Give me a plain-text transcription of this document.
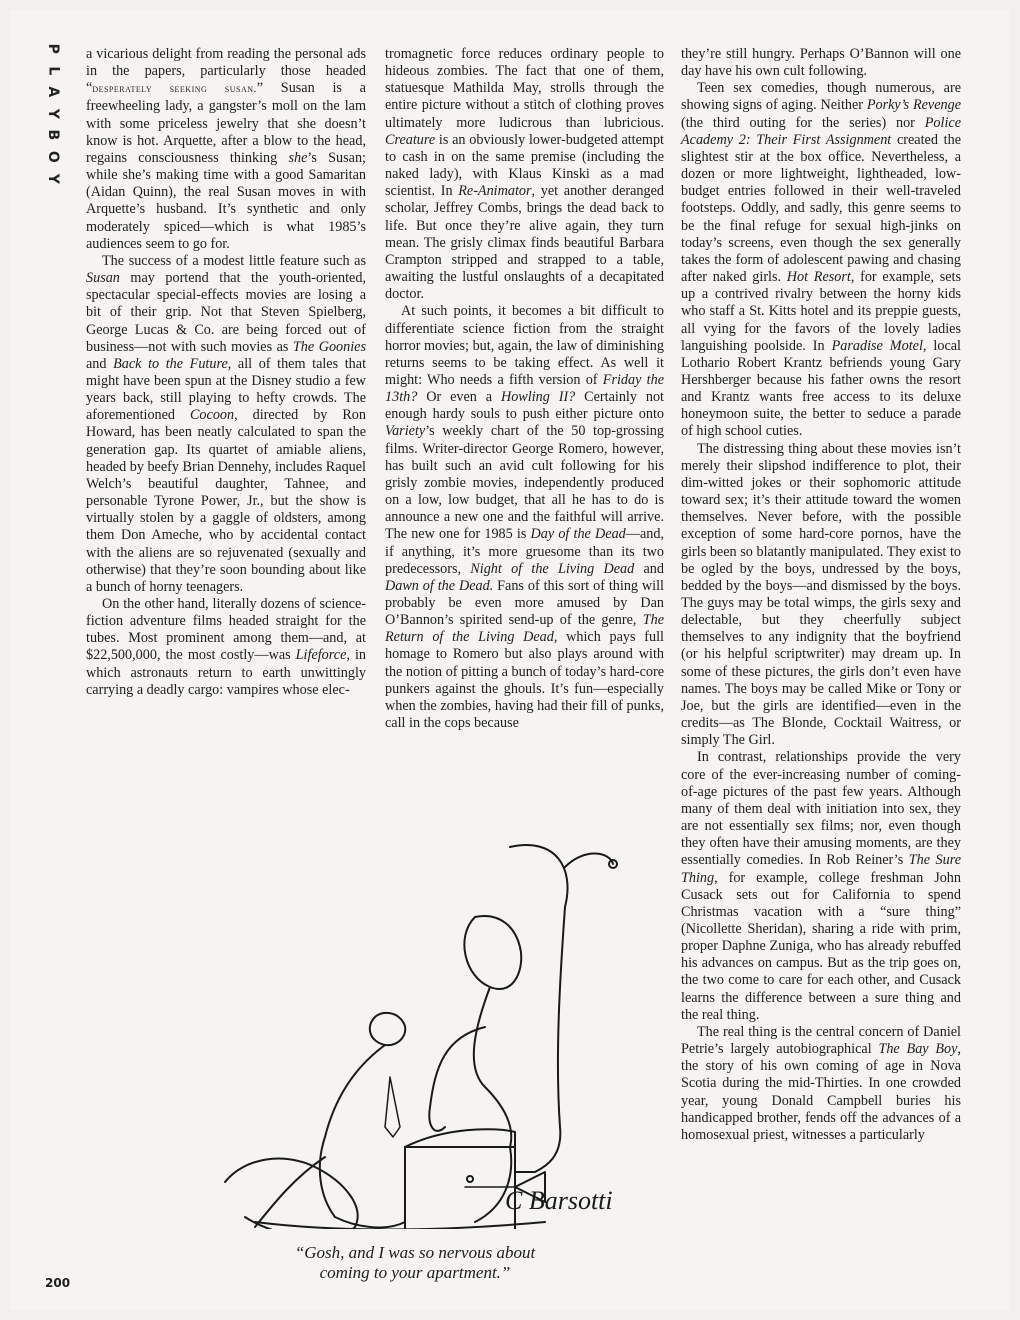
P
L
A
Y
B
O
Y

a vicarious delight from reading the personal ads in the papers, particularly those headed “desperately seeking susan.” Susan is a freewheeling lady, a gangster’s moll on the lam with some priceless jewelry that she doesn’t know is hot. Arquette, after a blow to the head, regains consciousness thinking she’s Susan; while she’s making time with a good Samaritan (Aidan Quinn), the real Susan moves in with Arquette’s husband. It’s synthetic and only moderately spiced—which is what 1985’s audiences seem to go for.

The success of a modest little feature such as Susan may portend that the youth-oriented, spectacular special-effects movies are losing a bit of their grip. Not that Steven Spielberg, George Lucas & Co. are being forced out of business—not with such movies as The Goonies and Back to the Future, all of them tales that might have been spun at the Disney studio a few years back, still playing to hefty crowds. The aforementioned Cocoon, directed by Ron Howard, has been neatly calculated to span the generation gap. Its quartet of amiable aliens, headed by beefy Brian Dennehy, includes Raquel Welch’s beautiful daughter, Tahnee, and personable Tyrone Power, Jr., but the show is virtually stolen by a gaggle of oldsters, among them Don Ameche, who by accidental contact with the aliens are so rejuvenated (sexually and otherwise) that they’re soon bounding about like a bunch of horny teenagers.

On the other hand, literally dozens of science-fiction adventure films headed straight for the tubes. Most prominent among them—and, at $22,500,000, the most costly—was Lifeforce, in which astronauts return to earth unwittingly carrying a deadly cargo: vampires whose elec-

tromagnetic force reduces ordinary people to hideous zombies. The fact that one of them, statuesque Mathilda May, strolls through the entire picture without a stitch of clothing proves ultimately more ludicrous than lubricious. Creature is an obviously lower-budgeted attempt to cash in on the same premise (including the naked lady), with Klaus Kinski as a mad scientist. In Re-Animator, yet another deranged scholar, Jeffrey Combs, brings the dead back to life. But once they’re alive again, they turn mean. The grisly climax finds beautiful Barbara Crampton stripped and strapped to a table, awaiting the lustful onslaughts of a decapitated doctor.

At such points, it becomes a bit difficult to differentiate science fiction from the straight horror movies; but, again, the law of diminishing returns seems to be taking effect. As well it might: Who needs a fifth version of Friday the 13th? Or even a Howling II? Certainly not enough hardy souls to push either picture onto Variety’s weekly chart of the 50 top-grossing films. Writer-director George Romero, however, has built such an avid cult following for his grisly zombie movies, independently produced on a low, low budget, that all he has to do is announce a new one and the faithful will arrive. The new one for 1985 is Day of the Dead—and, if anything, it’s more gruesome than its two predecessors, Night of the Living Dead and Dawn of the Dead. Fans of this sort of thing will probably be even more amused by Dan O’Bannon’s spirited send-up of the genre, The Return of the Living Dead, which pays full homage to Romero but also plays around with the notion of pitting a bunch of today’s hard-core punkers against the ghouls. It’s fun—especially when the zombies, having had their fill of punks, call in the cops because

they’re still hungry. Perhaps O’Bannon will one day have his own cult following.

Teen sex comedies, though numerous, are showing signs of aging. Neither Porky’s Revenge (the third outing for the series) nor Police Academy 2: Their First Assignment created the slightest stir at the box office. Nevertheless, a dozen or more lightweight, lightheaded, low-budget entries followed in their well-traveled footsteps. Oddly, and sadly, this genre seems to be the final refuge for sexual high-jinks on today’s screens, even though the sex generally takes the form of adolescent pawing and chasing after naked girls. Hot Resort, for example, sets up a contrived rivalry between the horny kids who staff a St. Kitts hotel and its preppie guests, all vying for the favors of the lovely ladies languishing poolside. In Paradise Motel, local Lothario Robert Krantz befriends young Gary Hershberger because his father owns the resort and Krantz wants free access to its deluxe honeymoon suite, the better to seduce a parade of high school cuties.

The distressing thing about these movies isn’t merely their slipshod indifference to plot, their dim-witted jokes or their sophomoric attitude toward sex; it’s their attitude toward the women themselves. Never before, with the possible exception of some hard-core pornos, have the girls been so blatantly manipulated. They exist to be ogled by the boys, undressed by the boys, bedded by the boys—and dismissed by the boys. The guys may be total wimps, the girls sexy and delectable, but they cheerfully subject themselves to any indignity that the boyfriend (or his helpful scriptwriter) may dream up. In some of these pictures, the girls don’t even have names. The boys may be called Mike or Tony or Joe, but the girls are identified—even in the credits—as The Blonde, Cocktail Waitress, or simply The Girl.

In contrast, relationships provide the very core of the ever-increasing number of coming-of-age pictures of the past few years. Although many of them deal with initiation into sex, they are not essentially sex films; nor, even though they often have their amusing moments, are they essentially comedies. In Rob Reiner’s The Sure Thing, for example, college freshman John Cusack sets out for California to spend Christmas vacation with a “sure thing” (Nicollette Sheridan), sharing a ride with prim, proper Daphne Zuniga, who has already rebuffed his advances on campus. But as the trip goes on, the two come to care for each other, and Cusack learns the difference between a sure thing and the real thing.

The real thing is the central concern of Daniel Petrie’s largely autobiographical The Bay Boy, the story of his own coming of age in Nova Scotia during the mid-Thirties. In one crowded year, young Donald Campbell buries his handicapped brother, fends off the advances of a homosexual priest, witnesses a particularly

C Barsotti
“Gosh, and I was so nervous about
coming to your apartment.”
200
